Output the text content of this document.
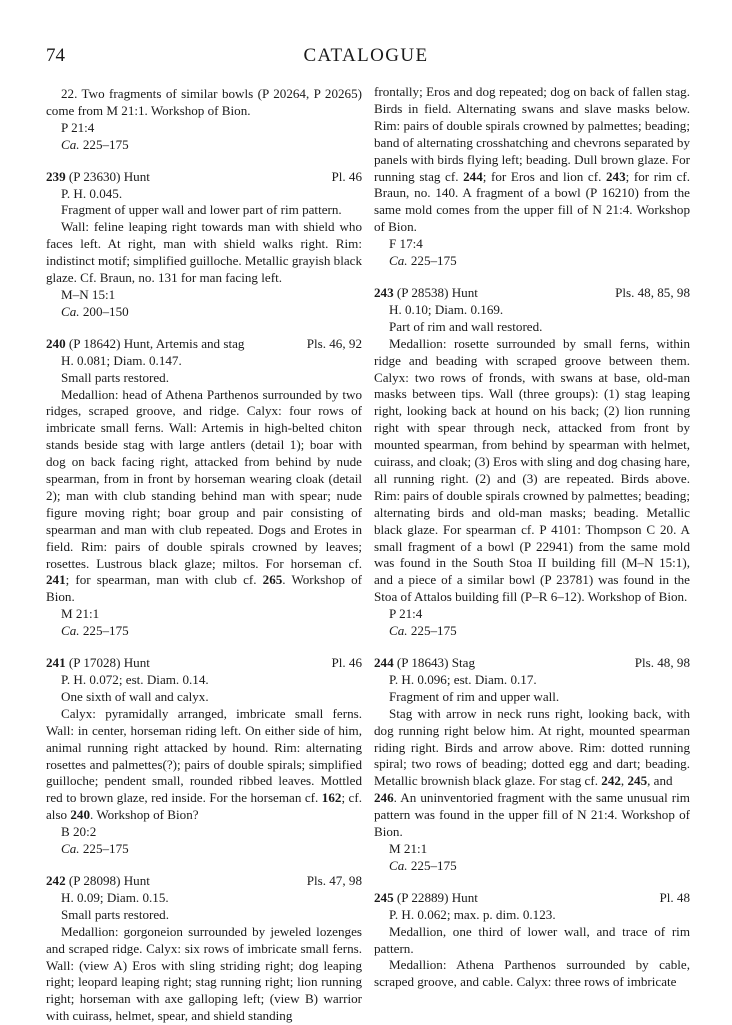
74	CATALOGUE

22. Two fragments of similar bowls (P 20264, P 20265) come from M 21:1. Workshop of Bion.

P 21:4

Ca. 225–175

239 (P 23630) Hunt	Pl. 46

P. H. 0.045.

Fragment of upper wall and lower part of rim pattern.

Wall: feline leaping right towards man with shield who faces left. At right, man with shield walks right. Rim: indistinct motif; simplified guilloche. Metallic grayish black glaze. Cf. Braun, no. 131 for man facing left.

M–N 15:1

Ca. 200–150

240 (P 18642) Hunt, Artemis and stag	Pls. 46, 92

H. 0.081; Diam. 0.147.

Small parts restored.

Medallion: head of Athena Parthenos surrounded by two ridges, scraped groove, and ridge. Calyx: four rows of imbricate small ferns. Wall: Artemis in high-belted chiton stands beside stag with large antlers (detail 1); boar with dog on back facing right, attacked from behind by nude spearman, from in front by horseman wearing cloak (detail 2); man with club standing behind man with spear; nude figure moving right; boar group and pair consisting of spearman and man with club repeated. Dogs and Erotes in field. Rim: pairs of double spirals crowned by leaves; rosettes. Lustrous black glaze; miltos. For horseman cf. 241; for spearman, man with club cf. 265. Workshop of Bion.

M 21:1

Ca. 225–175

241 (P 17028) Hunt	Pl. 46

P. H. 0.072; est. Diam. 0.14.

One sixth of wall and calyx.

Calyx: pyramidally arranged, imbricate small ferns. Wall: in center, horseman riding left. On either side of him, animal running right attacked by hound. Rim: alternating rosettes and palmettes(?); pairs of double spirals; simplified guilloche; pendent small, rounded ribbed leaves. Mottled red to brown glaze, red inside. For the horseman cf. 162; cf. also 240. Workshop of Bion?

B 20:2

Ca. 225–175

242 (P 28098) Hunt	Pls. 47, 98

H. 0.09; Diam. 0.15.

Small parts restored.

Medallion: gorgoneion surrounded by jeweled lozenges and scraped ridge. Calyx: six rows of imbricate small ferns. Wall: (view A) Eros with sling striding right; dog leaping right; leopard leaping right; stag running right; lion running right; horseman with axe galloping left; (view B) warrior with cuirass, helmet, spear, and shield standing

frontally; Eros and dog repeated; dog on back of fallen stag. Birds in field. Alternating swans and slave masks below. Rim: pairs of double spirals crowned by palmettes; beading; band of alternating crosshatching and chevrons separated by panels with birds flying left; beading. Dull brown glaze. For running stag cf. 244; for Eros and lion cf. 243; for rim cf. Braun, no. 140. A fragment of a bowl (P 16210) from the same mold comes from the upper fill of N 21:4. Workshop of Bion.

F 17:4

Ca. 225–175

243 (P 28538) Hunt	Pls. 48, 85, 98

H. 0.10; Diam. 0.169.

Part of rim and wall restored.

Medallion: rosette surrounded by small ferns, within ridge and beading with scraped groove between them. Calyx: two rows of fronds, with swans at base, old-man masks between tips. Wall (three groups): (1) stag leaping right, looking back at hound on his back; (2) lion running right with spear through neck, attacked from front by mounted spearman, from behind by spearman with helmet, cuirass, and cloak; (3) Eros with sling and dog chasing hare, all running right. (2) and (3) are repeated. Birds above. Rim: pairs of double spirals crowned by palmettes; beading; alternating birds and old-man masks; beading. Metallic black glaze. For spearman cf. P 4101: Thompson C 20. A small fragment of a bowl (P 22941) from the same mold was found in the South Stoa II building fill (M–N 15:1), and a piece of a similar bowl (P 23781) was found in the Stoa of Attalos building fill (P–R 6–12). Workshop of Bion.

P 21:4

Ca. 225–175

244 (P 18643) Stag	Pls. 48, 98

P. H. 0.096; est. Diam. 0.17.

Fragment of rim and upper wall.

Stag with arrow in neck runs right, looking back, with dog running right below him. At right, mounted spearman riding right. Birds and arrow above. Rim: dotted running spiral; two rows of beading; dotted egg and dart; beading. Metallic brownish black glaze. For stag cf. 242, 245, and
246. An uninventoried fragment with the same unusual rim pattern was found in the upper fill of N 21:4. Workshop of Bion.

M 21:1

Ca. 225–175

245 (P 22889) Hunt	Pl. 48

P. H. 0.062; max. p. dim. 0.123.

Medallion, one third of lower wall, and trace of rim pattern.

Medallion: Athena Parthenos surrounded by cable, scraped groove, and cable. Calyx: three rows of imbricate
